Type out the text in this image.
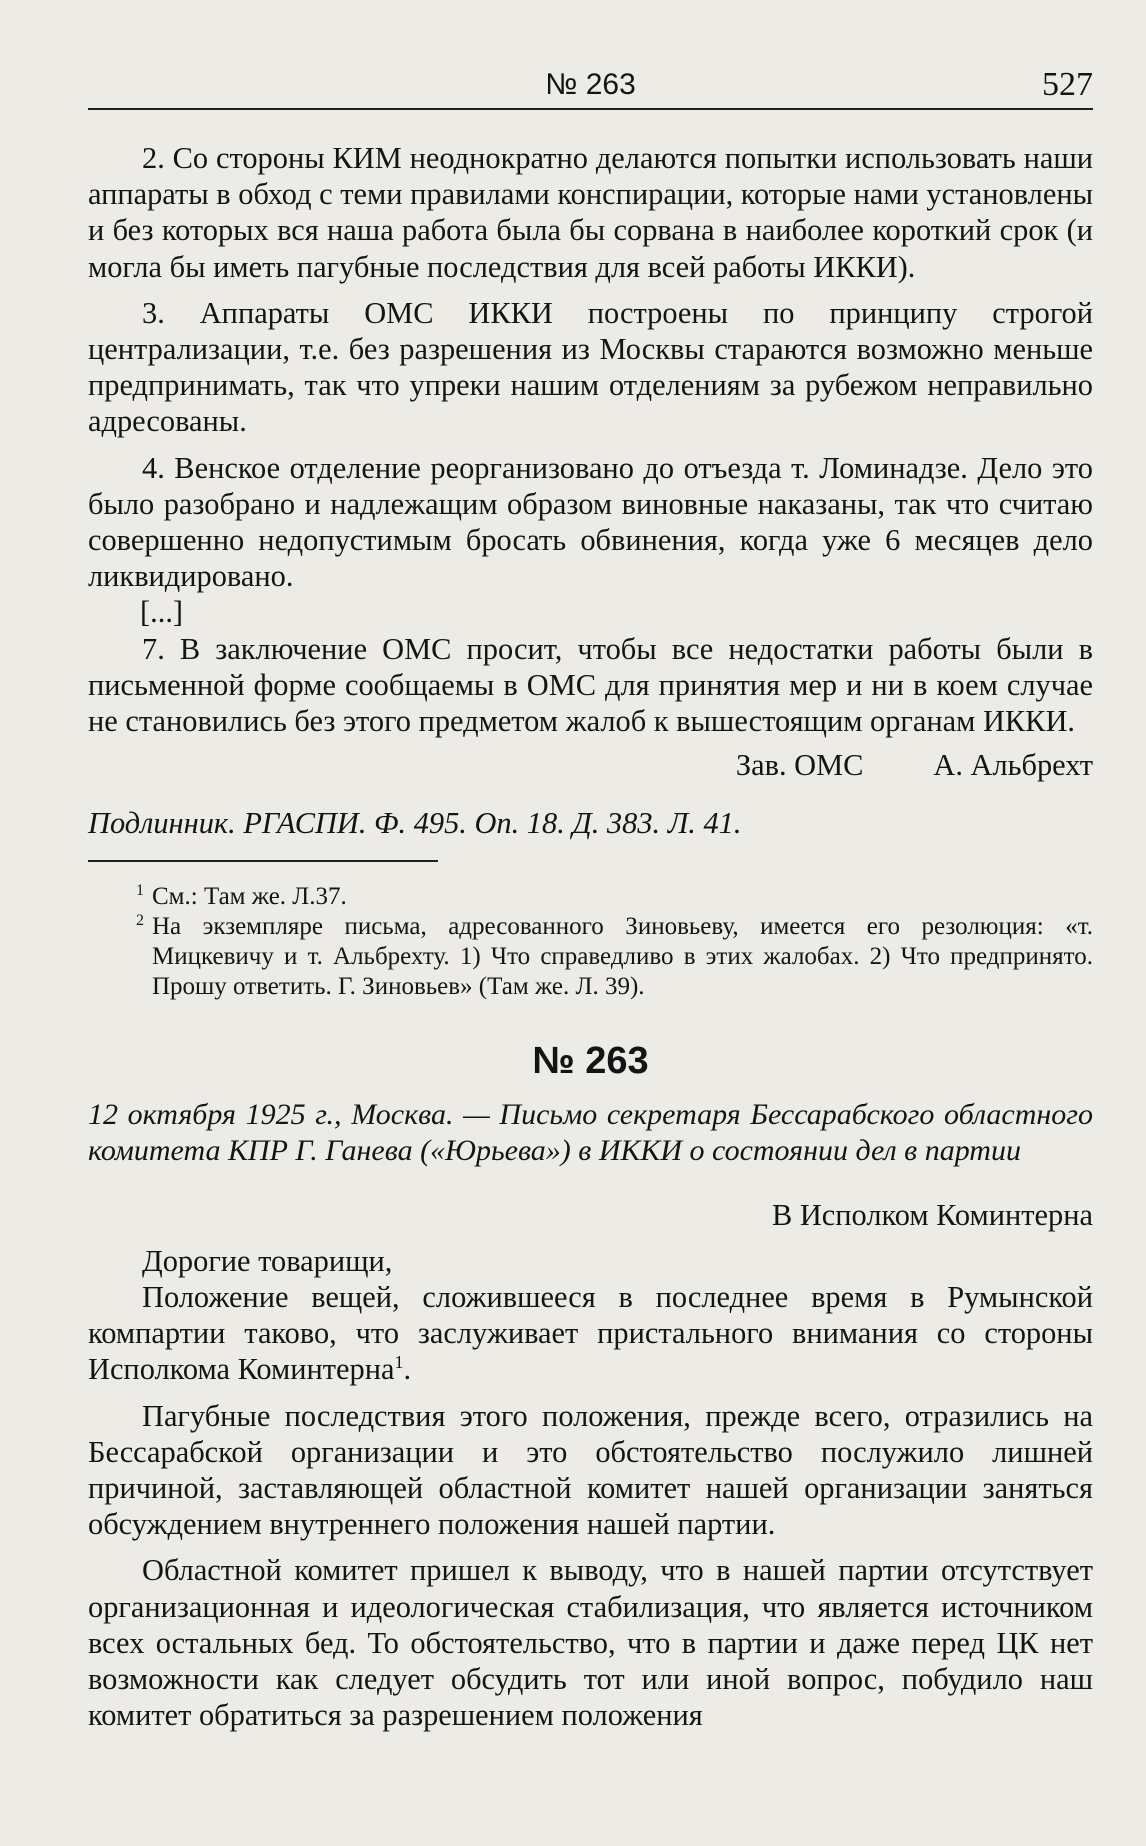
№ 263	527

2. Со стороны КИМ неоднократно делаются попытки использовать наши аппараты в обход с теми правилами конспирации, которые нами установлены и без которых вся наша работа была бы сорвана в наиболее короткий срок (и могла бы иметь пагубные последствия для всей работы ИККИ).

3. Аппараты ОМС ИККИ построены по принципу строгой централизации, т.е. без разрешения из Москвы стараются возможно меньше предпринимать, так что упреки нашим отделениям за рубежом неправильно адресованы.

4. Венское отделение реорганизовано до отъезда т. Ломинадзе. Дело это было разобрано и надлежащим образом виновные наказаны, так что считаю совершенно недопустимым бросать обвинения, когда уже 6 месяцев дело ликвидировано.

[...]

7. В заключение ОМС просит, чтобы все недостатки работы были в письменной форме сообщаемы в ОМС для принятия мер и ни в коем случае не становились без этого предметом жалоб к вышестоящим органам ИККИ.

Зав. ОМС А. Альбрехт

Подлинник. РГАСПИ. Ф. 495. Оп. 18. Д. 383. Л. 41.

1 См.: Там же. Л.37.
2 На экземпляре письма, адресованного Зиновьеву, имеется его резолюция: «т. Мицкевичу и т. Альбрехту. 1) Что справедливо в этих жалобах. 2) Что предпринято. Прошу ответить. Г. Зиновьев» (Там же. Л. 39).
№ 263
12 октября 1925 г., Москва. — Письмо секретаря Бессарабского областного комитета КПР Г. Ганева («Юрьева») в ИККИ о состоянии дел в партии

В Исполком Коминтерна

Дорогие товарищи,

Положение вещей, сложившееся в последнее время в Румынской компартии таково, что заслуживает пристального внимания со стороны Исполкома Коминтерна$^1$.

Пагубные последствия этого положения, прежде всего, отразились на Бессарабской организации и это обстоятельство послужило лишней причиной, заставляющей областной комитет нашей организации заняться обсуждением внутреннего положения нашей партии.

Областной комитет пришел к выводу, что в нашей партии отсутствует организационная и идеологическая стабилизация, что является источником всех остальных бед. То обстоятельство, что в партии и даже перед ЦК нет возможности как следует обсудить тот или иной вопрос, побудило наш комитет обратиться за разрешением положения
